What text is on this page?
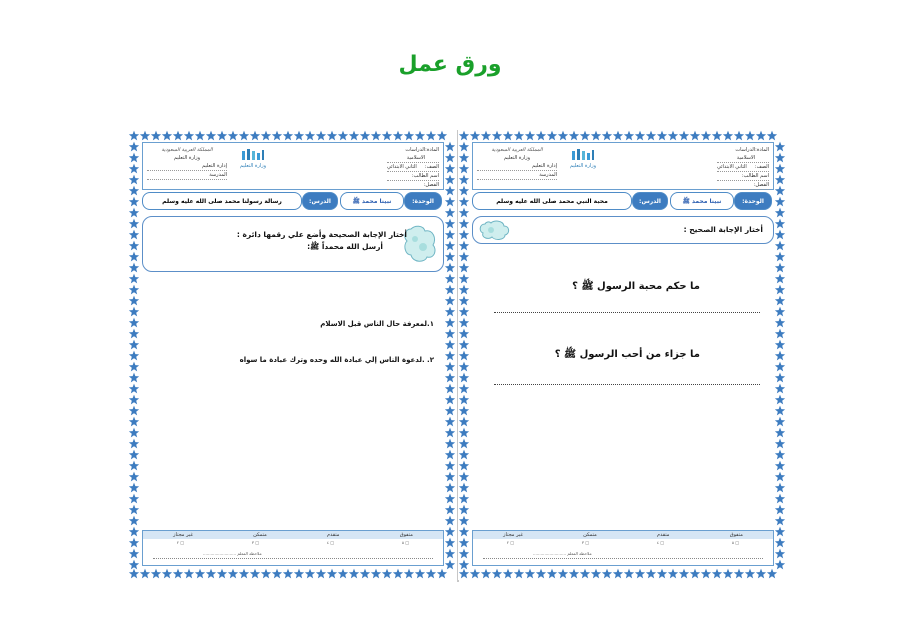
ورق عمل
المادة:
الدراسات الاسلامية
الصف:
الثاني الابتدائي
اسم الطالب:
الفصل:
وزارة التعليم
المملكة العربية السعودية
وزارة التعليم
إدارة التعليم
المدرسة
الوحدة:
نبينا محمد ﷺ
الدرس:
رسالة رسولنا محمد صلى الله عليه وسلم
أختار الإجابة الصحيحة وأضع علي رقمها دائرة :
أرسل الله محمداً ﷺ:
١.لمعرفة حال الناس قبل الاسلام
٢. .لدعوة الناس إلي عبادة الله وحده وترك عبادة ما سواه
متفوق
متقدم
متمكن
غير مجتاز
□ ٥
□ ٤
□ ٣
□ ٢
ملاحظة المعلم ..........................
المادة:
الدراسات الاسلامية
الصف:
الثاني الابتدائي
اسم الطالب:
الفصل:
وزارة التعليم
المملكة العربية السعودية
وزارة التعليم
إدارة التعليم
المدرسة
الوحدة:
نبينا محمد ﷺ
الدرس:
محبة النبي محمد صلى الله عليه وسلم
أختار الإجابة الصحيح :
ما حكم محبة الرسول ﷺ ؟
ما جزاء من أحب الرسول ﷺ ؟
متفوق
متقدم
متمكن
غير مجتاز
□ ٥
□ ٤
□ ٣
□ ٢
ملاحظة المعلم ..........................
